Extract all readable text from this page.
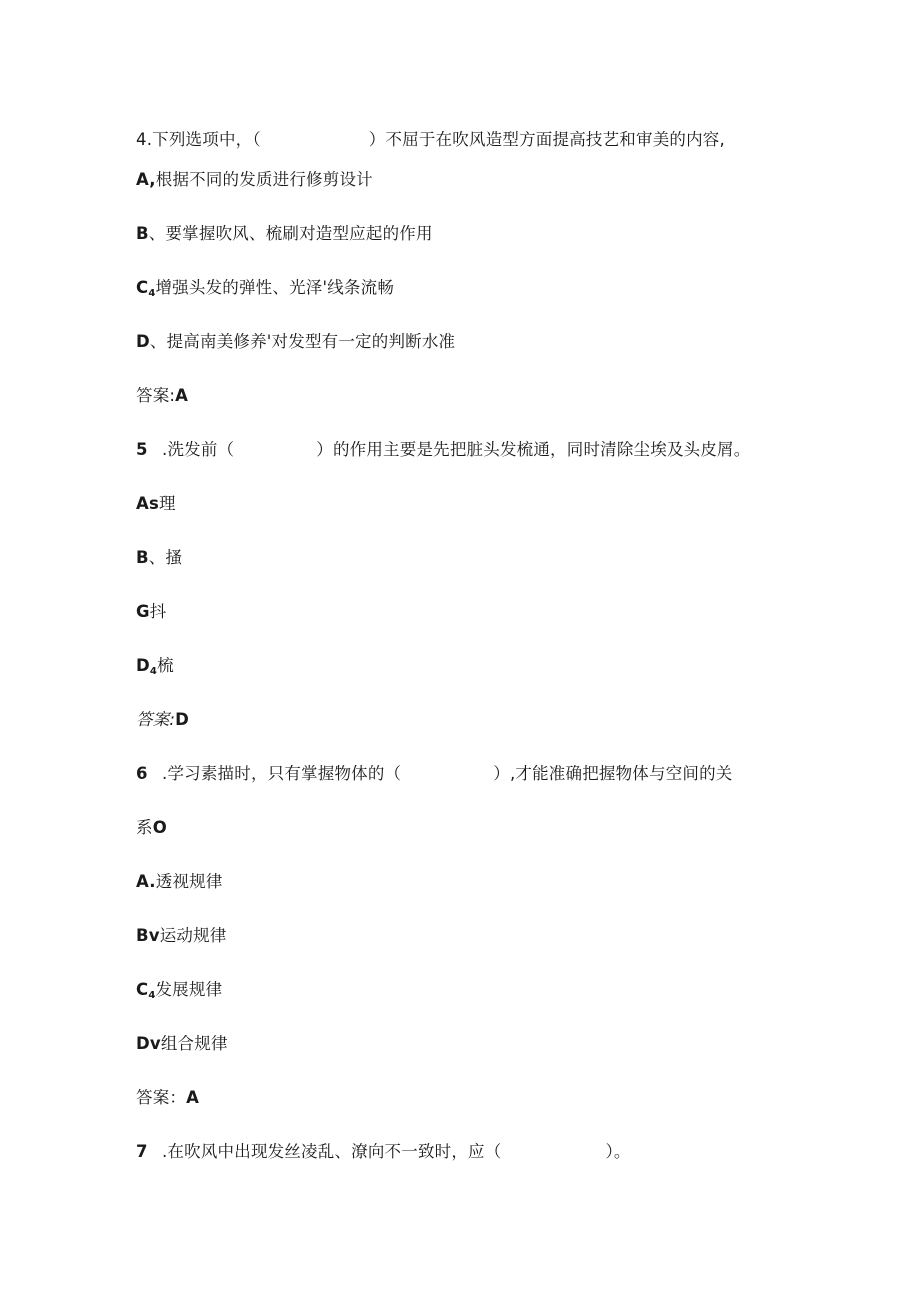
4.下列选项中，（	）不屈于在吹风造型方面提高技艺和审美的内容,
A,根据不同的发质进行修剪设计
B、要掌握吹风、梳刷对造型应起的作用
$C_4$增强头发的弹性、光泽'线条流畅
D、提高南美修养'对发型有一定的判断水准
答案:A
5 .洗发前（	）的作用主要是先把脏头发梳通，同时清除尘埃及头皮屑。
As理
B、搔
G抖
$D_4$梳
答案:D
6 .学习素描时，只有掌握物体的（	）,才能准确把握物体与空间的关
系O
A.透视规律
Bv运动规律
$C_4$发展规律
Dv组合规律
答案：A
7 .在吹风中出现发丝凌乱、潦向不一致时，应（	）。
